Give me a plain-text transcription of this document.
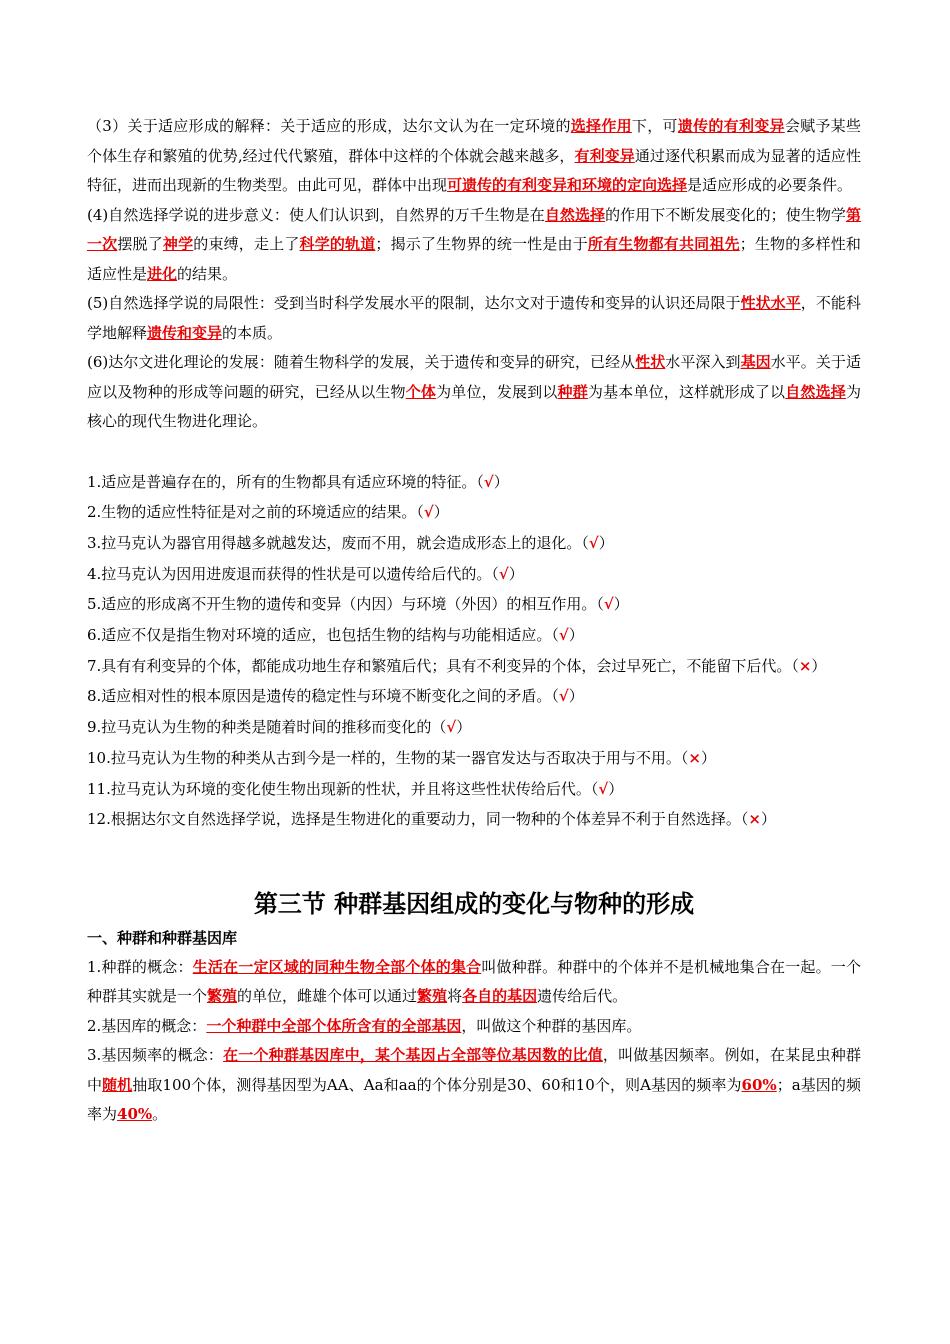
（3）关于适应形成的解释：关于适应的形成，达尔文认为在一定环境的选择作用下，可遗传的有利变异会赋予某些个体生存和繁殖的优势,经过代代繁殖，群体中这样的个体就会越来越多，有利变异通过逐代积累而成为显著的适应性特征，进而出现新的生物类型。由此可见，群体中出现可遗传的有利变异和环境的定向选择是适应形成的必要条件。

(4)自然选择学说的进步意义：使人们认识到，自然界的万千生物是在自然选择的作用下不断发展变化的；使生物学第一次摆脱了神学的束缚，走上了科学的轨道；揭示了生物界的统一性是由于所有生物都有共同祖先；生物的多样性和适应性是进化的结果。

(5)自然选择学说的局限性：受到当时科学发展水平的限制，达尔文对于遗传和变异的认识还局限于性状水平，不能科学地解释遗传和变异的本质。

(6)达尔文进化理论的发展：随着生物科学的发展，关于遗传和变异的研究，已经从性状水平深入到基因水平。关于适应以及物种的形成等问题的研究，已经从以生物个体为单位，发展到以种群为基本单位，这样就形成了以自然选择为核心的现代生物进化理论。

1.适应是普遍存在的，所有的生物都具有适应环境的特征。（√）

2.生物的适应性特征是对之前的环境适应的结果。（√）

3.拉马克认为器官用得越多就越发达，废而不用，就会造成形态上的退化。（√）

4.拉马克认为因用进废退而获得的性状是可以遗传给后代的。（√）

5.适应的形成离不开生物的遗传和变异（内因）与环境（外因）的相互作用。（√）

6.适应不仅是指生物对环境的适应，也包括生物的结构与功能相适应。（√）

7.具有有利变异的个体，都能成功地生存和繁殖后代；具有不利变异的个体，会过早死亡，不能留下后代。（×）

8.适应相对性的根本原因是遗传的稳定性与环境不断变化之间的矛盾。（√）

9.拉马克认为生物的种类是随着时间的推移而变化的（√）

10.拉马克认为生物的种类从古到今是一样的，生物的某一器官发达与否取决于用与不用。（×）

11.拉马克认为环境的变化使生物出现新的性状，并且将这些性状传给后代。（√）

12.根据达尔文自然选择学说，选择是生物进化的重要动力，同一物种的个体差异不利于自然选择。（×）

第三节 种群基因组成的变化与物种的形成
一、种群和种群基因库

1.种群的概念：生活在一定区域的同种生物全部个体的集合叫做种群。种群中的个体并不是机械地集合在一起。一个种群其实就是一个繁殖的单位，雌雄个体可以通过繁殖将各自的基因遗传给后代。

2.基因库的概念：一个种群中全部个体所含有的全部基因，叫做这个种群的基因库。

3.基因频率的概念：在一个种群基因库中，某个基因占全部等位基因数的比值，叫做基因频率。例如，在某昆虫种群中随机抽取100个体，测得基因型为AA、Aa和aa的个体分别是30、60和10个，则A基因的频率为60%；a基因的频率为40%。
